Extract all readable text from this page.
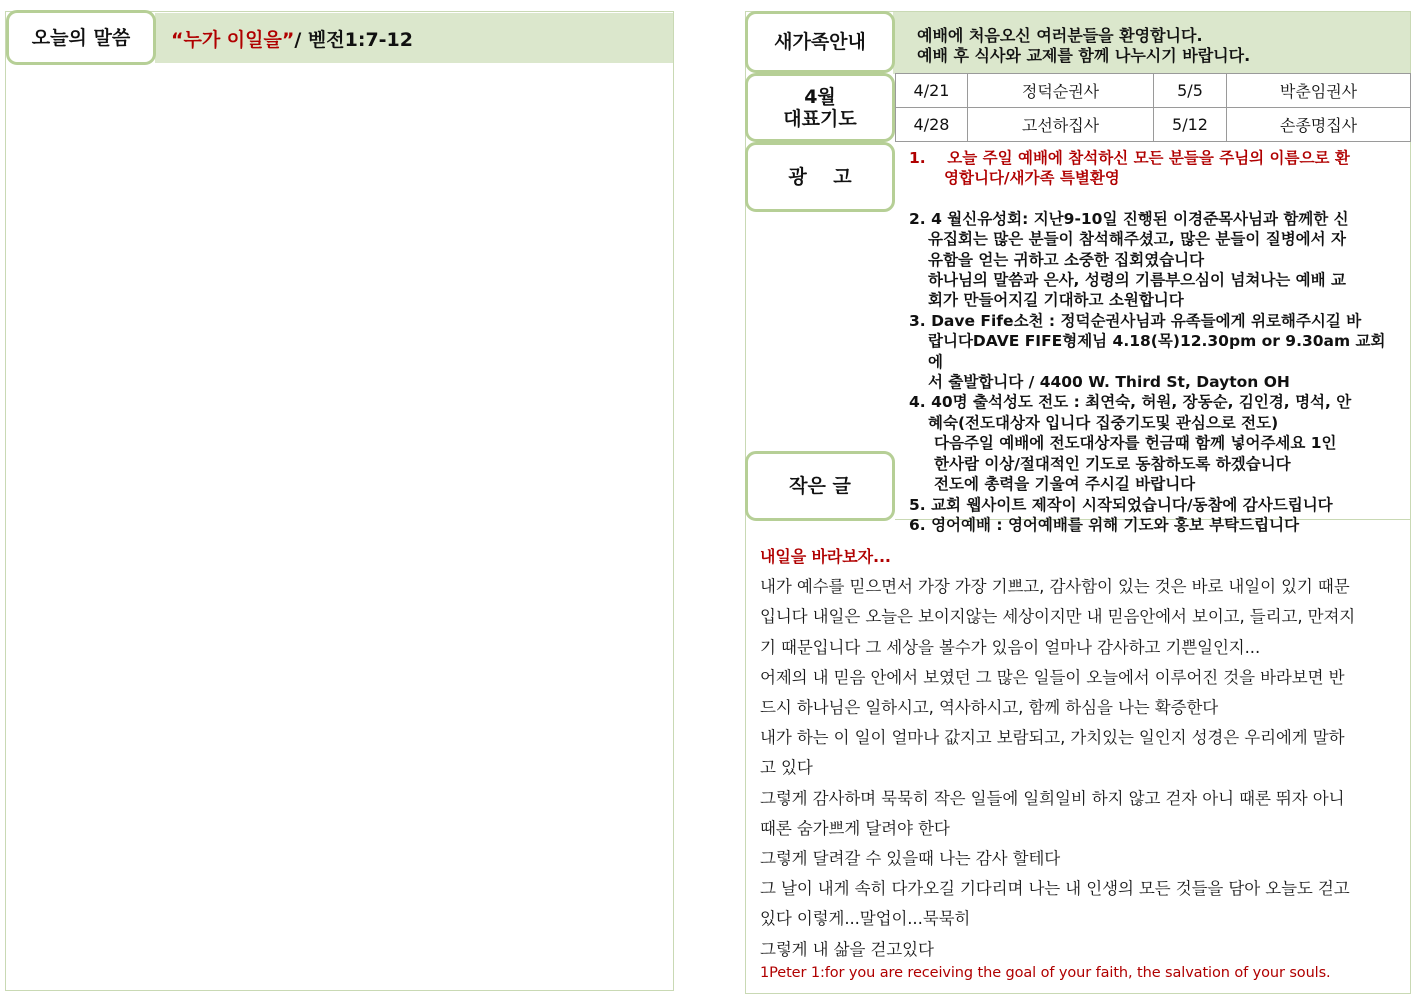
“누가 이일을” / 벧전1:7-12
오늘의 말씀	예배에 처음오신 여러분들을 환영합니다.
예배 후 식사와 교제를 함께 나누시기 바랍니다.
새가족안내
4/21	정덕순권사	5/5	박춘임권사
4/28	고선하집사	5/12	손종명집사
4월
대표기도
1. 오늘 주일 예배에 참석하신 모든 분들을 주님의 이름으로 환
영합니다/새가족 특별환영
2. 4 월신유성회: 지난9-10일 진행된 이경준목사님과 함께한 신
유집회는 많은 분들이 참석해주셨고, 많은 분들이 질병에서 자
유함을 얻는 귀하고 소중한 집회였습니다
하나님의 말씀과 은사, 성령의 기름부으심이 넘쳐나는 예배 교
회가 만들어지길 기대하고 소원합니다
3. Dave Fife소천 : 정덕순권사님과 유족들에게 위로해주시길 바
랍니다DAVE FIFE형제님 4.18(목)12.30pm or 9.30am 교회에
서 출발합니다 / 4400 W. Third St, Dayton OH
4. 40명 출석성도 전도 : 최연숙, 허원, 장동순, 김인경, 명석, 안
혜숙(전도대상자 입니다 집중기도및 관심으로 전도)
다음주일 예배에 전도대상자를 헌금때 함께 넣어주세요 1인
한사람 이상/절대적인 기도로 동참하도록 하겠습니다
전도에 총력을 기울여 주시길 바랍니다
5. 교회 웹사이트 제작이 시작되었습니다/동참에 감사드립니다
6. 영어예배 : 영어예배를 위해 기도와 홍보 부탁드립니다
광    고

내일을 바라보자...

내가 예수를 믿으면서 가장 가장 기쁘고, 감사함이 있는 것은 바로 내일이 있기 때문

입니다 내일은 오늘은 보이지않는 세상이지만 내 믿음안에서 보이고, 들리고, 만져지

기 때문입니다 그 세상을 볼수가 있음이 얼마나 감사하고 기쁜일인지...

어제의 내 믿음 안에서 보였던 그 많은 일들이 오늘에서 이루어진 것을 바라보면 반

드시 하나님은 일하시고, 역사하시고, 함께 하심을 나는 확증한다

내가 하는 이 일이 얼마나 값지고 보람되고, 가치있는 일인지 성경은 우리에게 말하

고 있다

그렇게 감사하며 묵묵히 작은 일들에 일희일비 하지 않고 걷자 아니 때론 뛰자 아니

때론 숨가쁘게 달려야 한다

그렇게 달려갈 수 있을때 나는 감사 할테다

그 날이 내게 속히 다가오길 기다리며 나는 내 인생의 모든 것들을 담아 오늘도 걷고

있다 이렇게...말업이...묵묵히

그렇게 내 삶을 걷고있다

1Peter 1:for you are receiving the goal of your faith, the salvation of your souls.

작은 글
